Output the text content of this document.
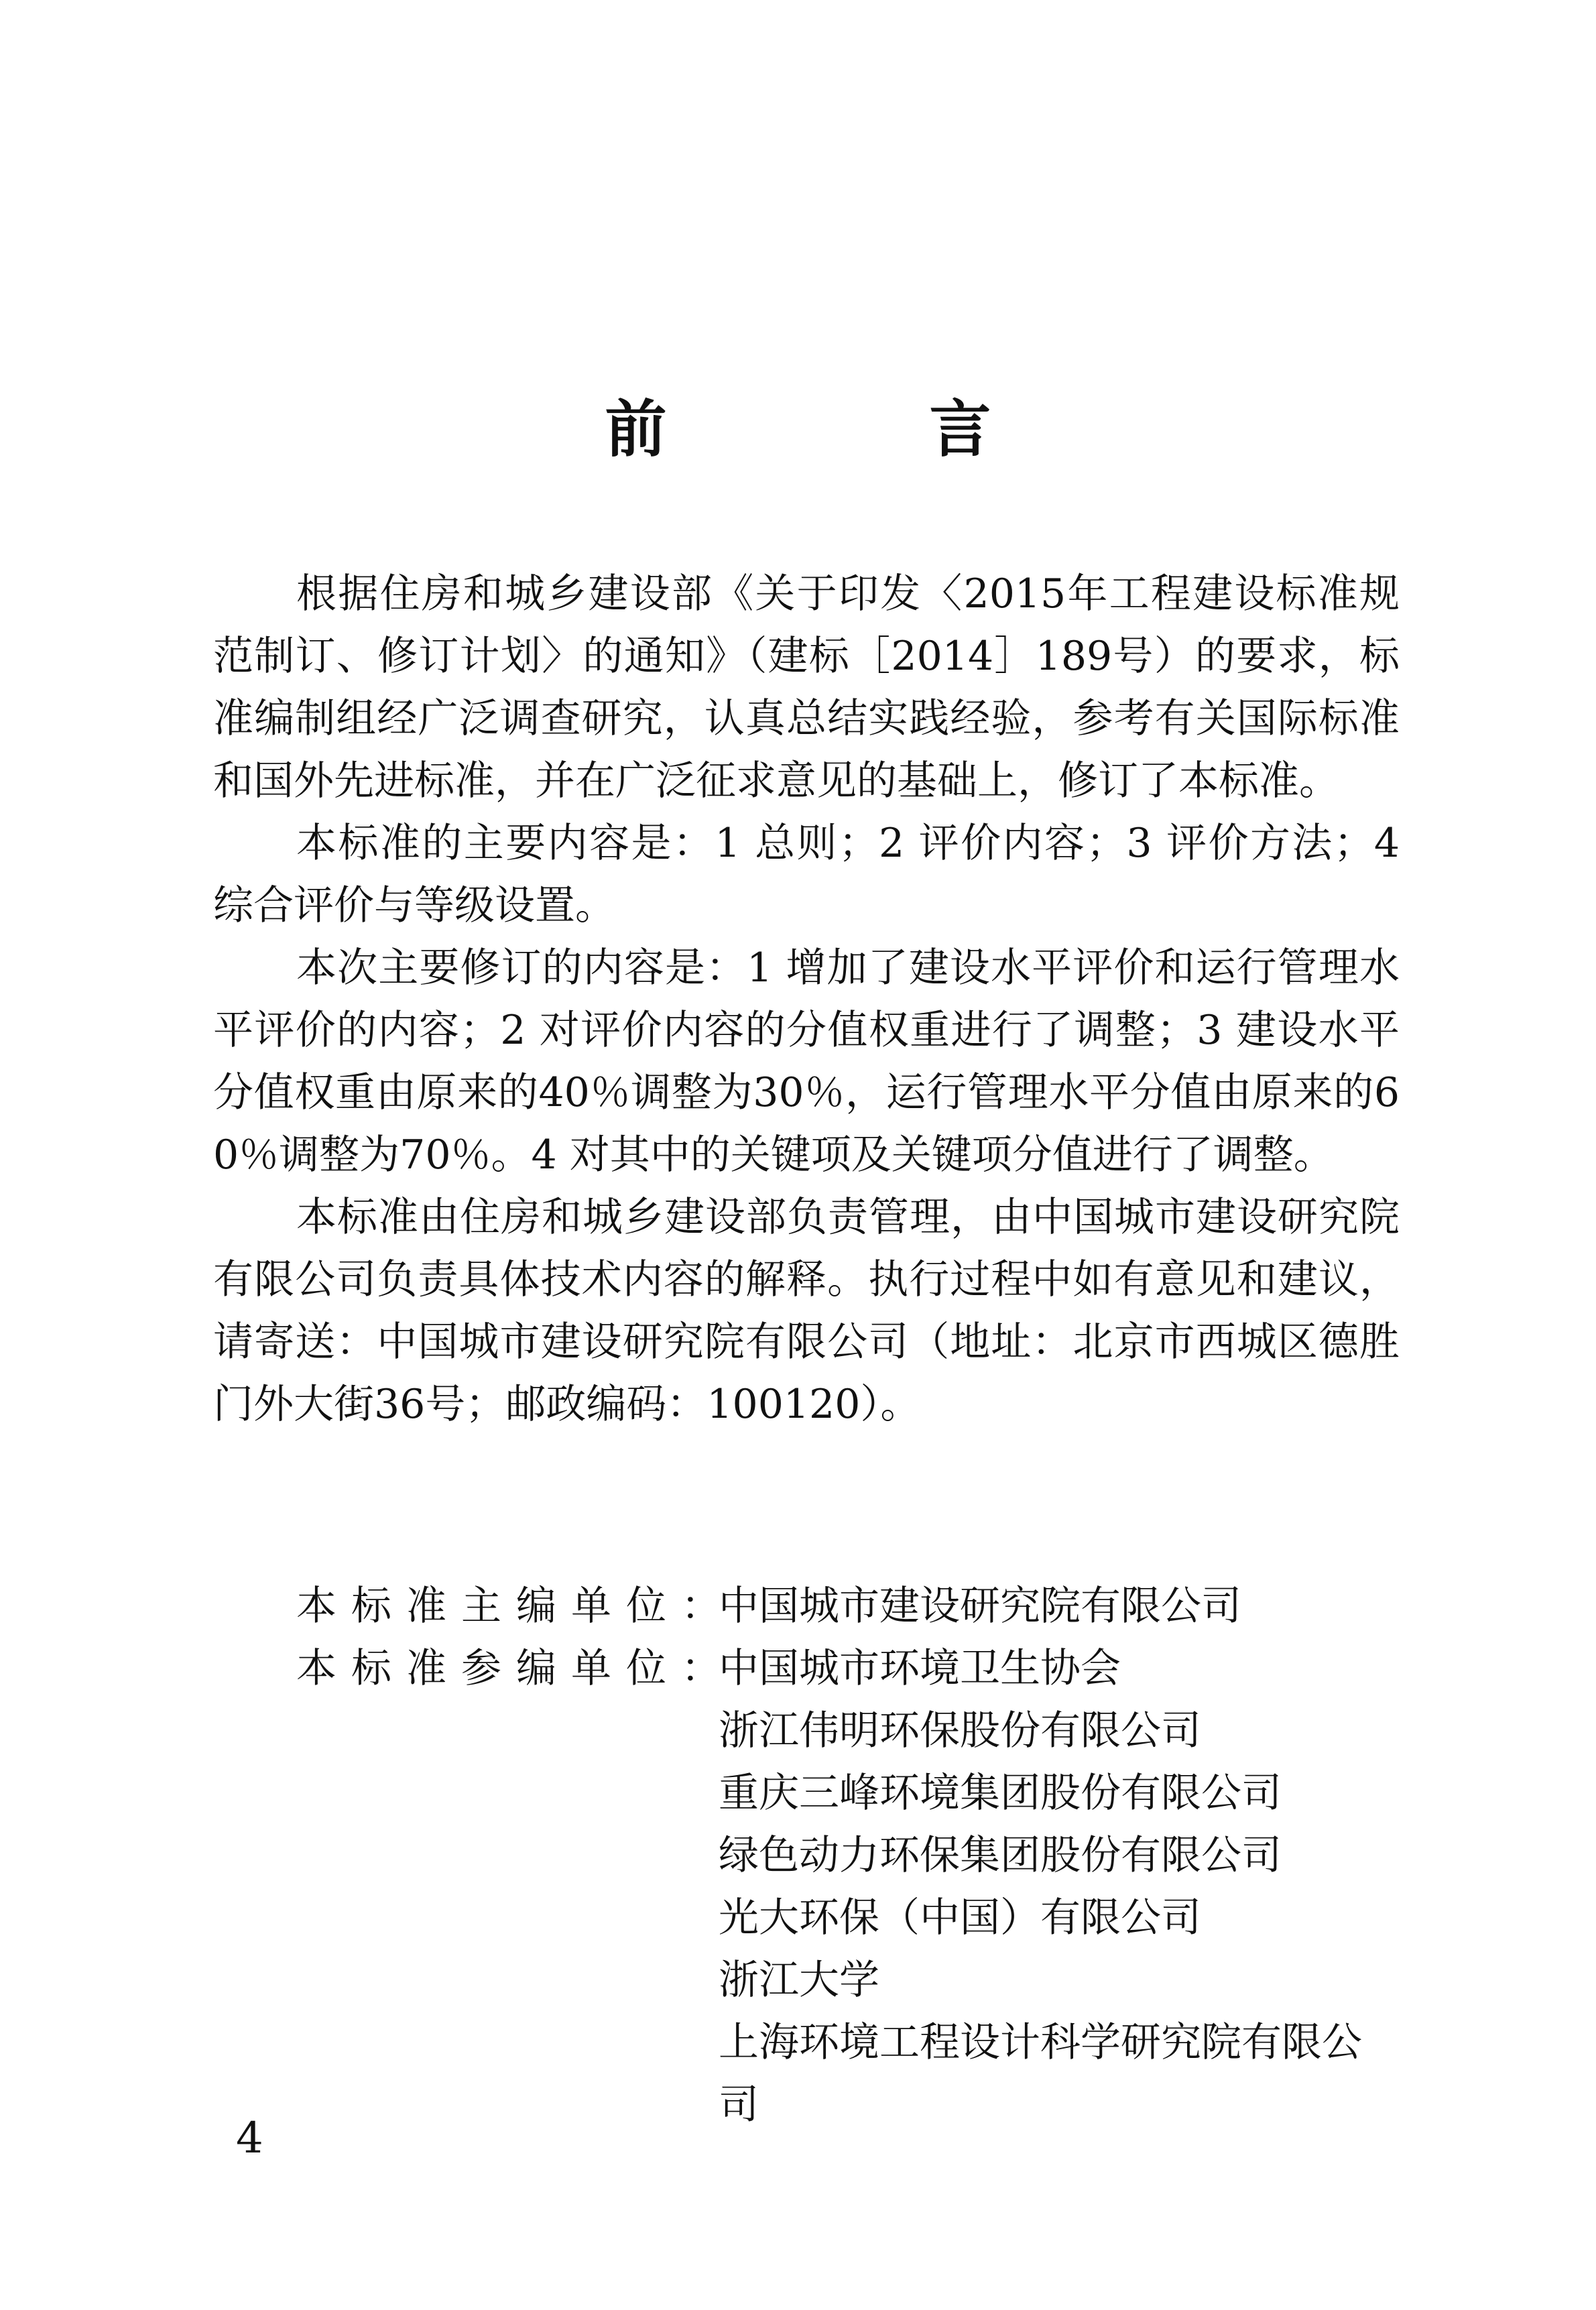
前　言

根据住房和城乡建设部《关于印发〈2015年工程建设标准规范制订、修订计划〉的通知》（建标［2014］189号）的要求，标准编制组经广泛调查研究，认真总结实践经验，参考有关国际标准和国外先进标准，并在广泛征求意见的基础上，修订了本标准。

本标准的主要内容是：1 总则；2 评价内容；3 评价方法；4 综合评价与等级设置。

本次主要修订的内容是：1 增加了建设水平评价和运行管理水平评价的内容；2 对评价内容的分值权重进行了调整；3 建设水平分值权重由原来的40％调整为30％，运行管理水平分值由原来的60％调整为70％。4 对其中的关键项及关键项分值进行了调整。

本标准由住房和城乡建设部负责管理，由中国城市建设研究院有限公司负责具体技术内容的解释。执行过程中如有意见和建议，请寄送：中国城市建设研究院有限公司（地址：北京市西城区德胜门外大街36号；邮政编码：100120）。

本标准主编单位：
中国城市建设研究院有限公司
本标准参编单位：
中国城市环境卫生协会
浙江伟明环保股份有限公司
重庆三峰环境集团股份有限公司
绿色动力环保集团股份有限公司
光大环保（中国）有限公司
浙江大学
上海环境工程设计科学研究院有限公司
4
